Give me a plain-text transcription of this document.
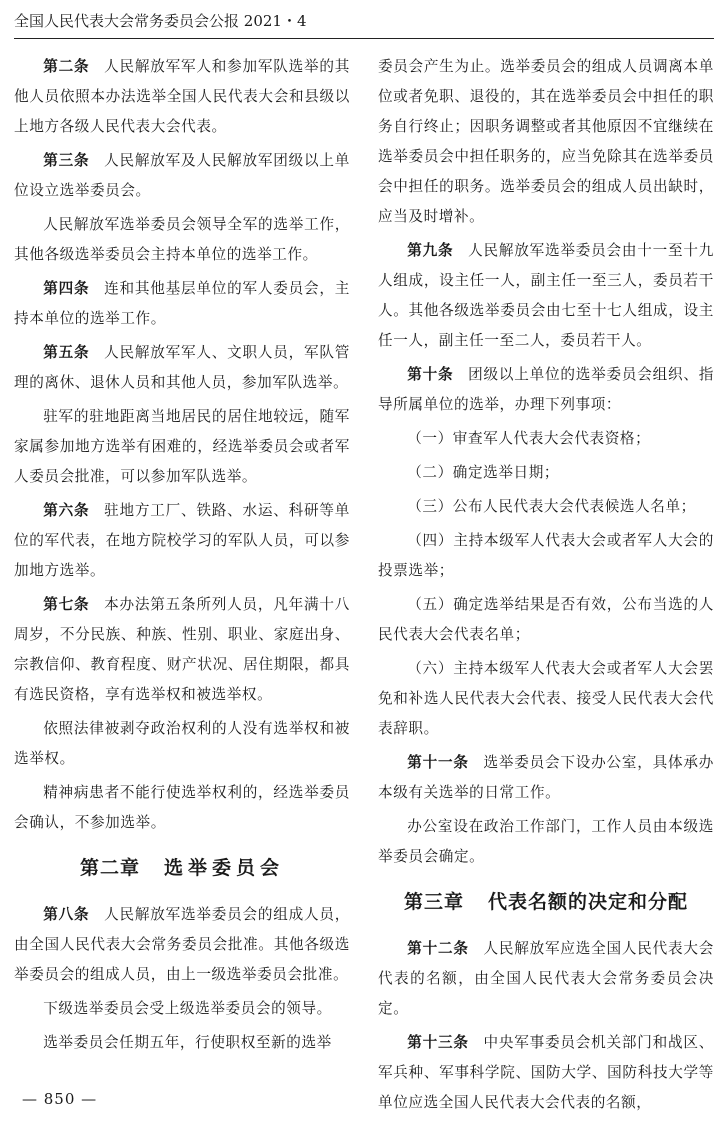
全国人民代表大会常务委员会公报 2021・4

第二条 人民解放军军人和参加军队选举的其他人员依照本办法选举全国人民代表大会和县级以上地方各级人民代表大会代表。

第三条 人民解放军及人民解放军团级以上单位设立选举委员会。

人民解放军选举委员会领导全军的选举工作，其他各级选举委员会主持本单位的选举工作。

第四条 连和其他基层单位的军人委员会，主持本单位的选举工作。

第五条 人民解放军军人、文职人员，军队管理的离休、退休人员和其他人员，参加军队选举。

驻军的驻地距离当地居民的居住地较远，随军家属参加地方选举有困难的，经选举委员会或者军人委员会批准，可以参加军队选举。

第六条 驻地方工厂、铁路、水运、科研等单位的军代表，在地方院校学习的军队人员，可以参加地方选举。

第七条 本办法第五条所列人员，凡年满十八周岁，不分民族、种族、性别、职业、家庭出身、宗教信仰、教育程度、财产状况、居住期限，都具有选民资格，享有选举权和被选举权。

依照法律被剥夺政治权利的人没有选举权和被选举权。

精神病患者不能行使选举权利的，经选举委员会确认，不参加选举。

第二章 选举委员会

第八条 人民解放军选举委员会的组成人员，由全国人民代表大会常务委员会批准。其他各级选举委员会的组成人员，由上一级选举委员会批准。

下级选举委员会受上级选举委员会的领导。

选举委员会任期五年，行使职权至新的选举

委员会产生为止。选举委员会的组成人员调离本单位或者免职、退役的，其在选举委员会中担任的职务自行终止；因职务调整或者其他原因不宜继续在选举委员会中担任职务的，应当免除其在选举委员会中担任的职务。选举委员会的组成人员出缺时，应当及时增补。

第九条 人民解放军选举委员会由十一至十九人组成，设主任一人，副主任一至三人，委员若干人。其他各级选举委员会由七至十七人组成，设主任一人，副主任一至二人，委员若干人。

第十条 团级以上单位的选举委员会组织、指导所属单位的选举，办理下列事项：

（一）审查军人代表大会代表资格；

（二）确定选举日期；

（三）公布人民代表大会代表候选人名单；

（四）主持本级军人代表大会或者军人大会的投票选举；

（五）确定选举结果是否有效，公布当选的人民代表大会代表名单；

（六）主持本级军人代表大会或者军人大会罢免和补选人民代表大会代表、接受人民代表大会代表辞职。

第十一条 选举委员会下设办公室，具体承办本级有关选举的日常工作。

办公室设在政治工作部门，工作人员由本级选举委员会确定。

第三章 代表名额的决定和分配

第十二条 人民解放军应选全国人民代表大会代表的名额，由全国人民代表大会常务委员会决定。

第十三条 中央军事委员会机关部门和战区、军兵种、军事科学院、国防大学、国防科技大学等单位应选全国人民代表大会代表的名额，

— 850 —
